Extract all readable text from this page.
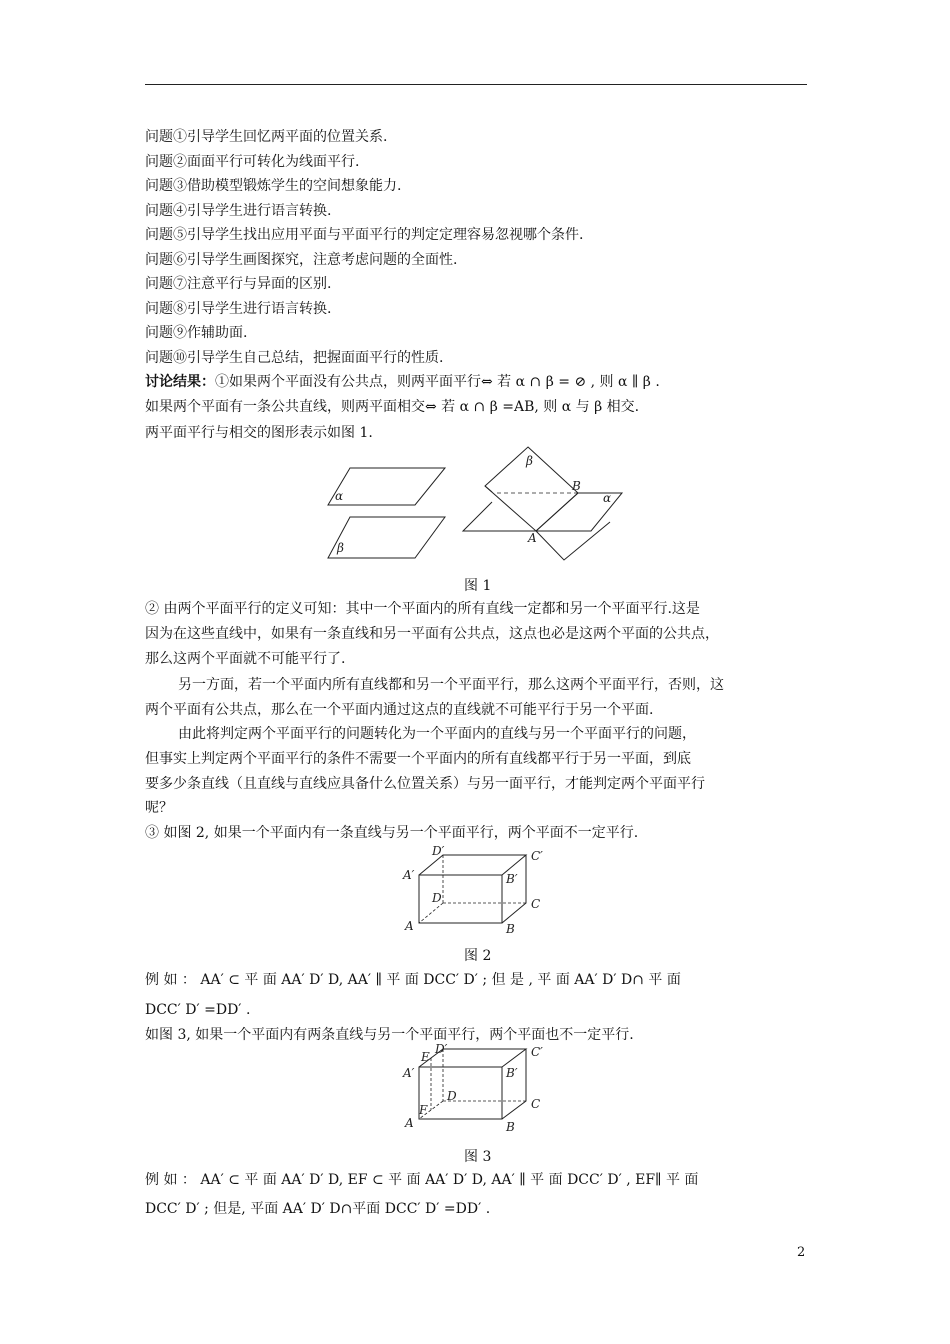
问题①引导学生回忆两平面的位置关系.
问题②面面平行可转化为线面平行.
问题③借助模型锻炼学生的空间想象能力.
问题④引导学生进行语言转换.
问题⑤引导学生找出应用平面与平面平行的判定定理容易忽视哪个条件.
问题⑥引导学生画图探究，注意考虑问题的全面性.
问题⑦注意平行与异面的区别.
问题⑧引导学生进行语言转换.
问题⑨作辅助面.
问题⑩引导学生自己总结，把握面面平行的性质.
讨论结果：①如果两个平面没有公共点，则两平面平行⇔ 若 α ∩ β = ⊘ , 则 α ∥ β .
如果两个平面有一条公共直线，则两平面相交⇔ 若 α ∩ β =AB, 则 α 与 β 相交.
两平面平行与相交的图形表示如图 1.
α
β
β
α
B
A
图 1
② 由两个平面平行的定义可知：其中一个平面内的所有直线一定都和另一个平面平行.这是
因为在这些直线中，如果有一条直线和另一平面有公共点，这点也必是这两个平面的公共点，
那么这两个平面就不可能平行了.
另一方面，若一个平面内所有直线都和另一个平面平行，那么这两个平面平行，否则，这
两个平面有公共点，那么在一个平面内通过这点的直线就不可能平行于另一个平面.
由此将判定两个平面平行的问题转化为一个平面内的直线与另一个平面平行的问题，
但事实上判定两个平面平行的条件不需要一个平面内的所有直线都平行于另一平面，到底
要多少条直线（且直线与直线应具备什么位置关系）与另一面平行，才能判定两个平面平行
呢？
③ 如图 2, 如果一个平面内有一条直线与另一个平面平行，两个平面不一定平行.
D′	C′
A′	B′
D	C
A	B
图 2
例 如 ： AA′ ⊂ 平 面 AA′ D′ D, AA′ ∥ 平 面 DCC′ D′ ; 但 是 , 平 面 AA′ D′ D∩ 平 面
DCC′ D′ =DD′ .
如图 3, 如果一个平面内有两条直线与另一个平面平行，两个平面也不一定平行.
E
D′	C′
A′	B′
D
C
F
A	B
图 3
例 如 ： AA′ ⊂ 平 面 AA′ D′ D, EF ⊂ 平 面 AA′ D′ D, AA′ ∥ 平 面 DCC′ D′ , EF∥ 平 面
DCC′ D′ ; 但是, 平面 AA′ D′ D∩平面 DCC′ D′ =DD′ .
2
